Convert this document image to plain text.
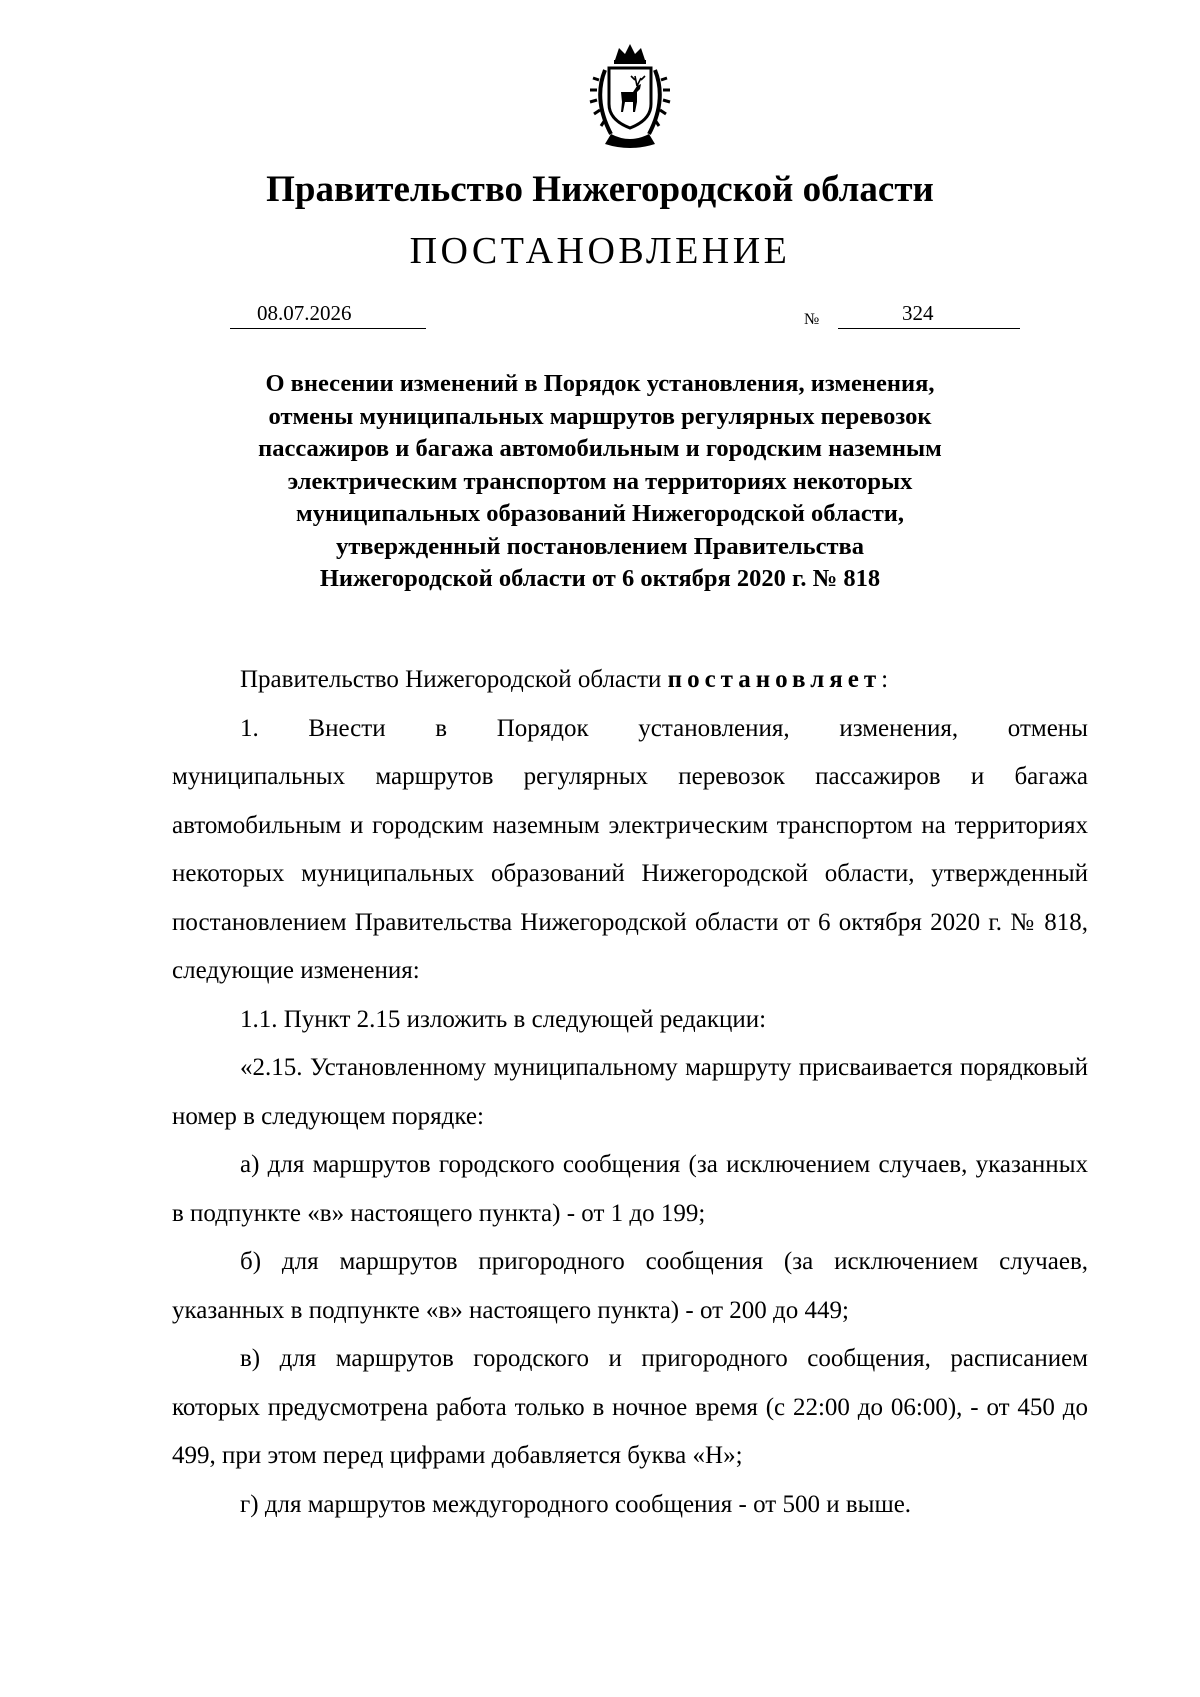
Правительство Нижегородской области
ПОСТАНОВЛЕНИЕ
08.07.2026	№	324
О внесении изменений в Порядок установления, изменения,
отмены муниципальных маршрутов регулярных перевозок
пассажиров и багажа автомобильным и городским наземным
электрическим транспортом на территориях некоторых
муниципальных образований Нижегородской области,
утвержденный постановлением Правительства
Нижегородской области от 6 октября 2020 г. № 818

Правительство Нижегородской области постановляет:

1. Внести в Порядок установления, изменения, отмены

муниципальных маршрутов регулярных перевозок пассажиров и багажа автомобильным и городским наземным электрическим транспортом на территориях некоторых муниципальных образований Нижегородской области, утвержденный постановлением Правительства Нижегородской области от 6 октября 2020 г. № 818, следующие изменения:

1.1. Пункт 2.15 изложить в следующей редакции:

«2.15. Установленному муниципальному маршруту присваивается порядковый номер в следующем порядке:

а) для маршрутов городского сообщения (за исключением случаев, указанных в подпункте «в» настоящего пункта) - от 1 до 199;

б) для маршрутов пригородного сообщения (за исключением случаев, указанных в подпункте «в» настоящего пункта) - от 200 до 449;

в) для маршрутов городского и пригородного сообщения, расписанием которых предусмотрена работа только в ночное время (с 22:00 до 06:00), - от 450 до 499, при этом перед цифрами добавляется буква «Н»;

г) для маршрутов междугородного сообщения - от 500 и выше.
